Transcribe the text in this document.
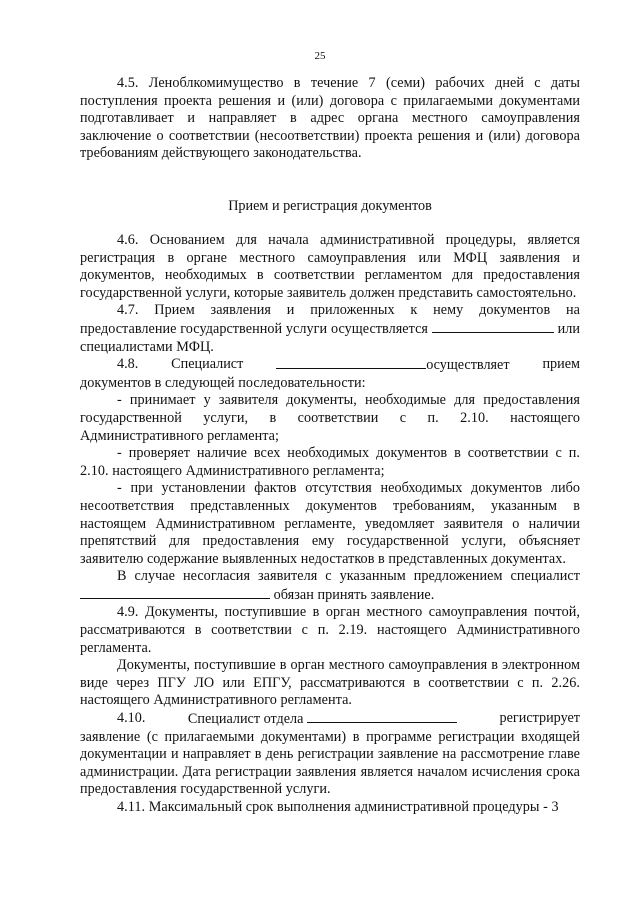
25

4.5. Леноблкомимущество в течение 7 (семи) рабочих дней с даты поступления проекта решения и (или) договора с прилагаемыми документами подготавливает и направляет в адрес органа местного самоуправления заключение о соответствии (несоответствии) проекта решения и (или) договора требованиям действующего законодательства.

Прием и регистрация документов

4.6. Основанием для начала административной процедуры, является регистрация в органе местного самоуправления или МФЦ заявления и документов, необходимых в соответствии регламентом для предоставления государственной услуги, которые заявитель должен представить самостоятельно.

4.7. Прием заявления и приложенных к нему документов на предоставление государственной услуги осуществляется	или специалистами МФЦ.

4.8. Специалист	осуществляет прием

документов в следующей последовательности:

- принимает у заявителя документы, необходимые для предоставления государственной услуги, в соответствии с п. 2.10. настоящего Административного регламента;

- проверяет наличие всех необходимых документов в соответствии с п. 2.10. настоящего Административного регламента;

- при установлении фактов отсутствия необходимых документов либо несоответствия представленных документов требованиям, указанным в настоящем Административном регламенте, уведомляет заявителя о наличии препятствий для предоставления ему государственной услуги, объясняет заявителю содержание выявленных недостатков в представленных документах.

В случае несогласия заявителя с указанным предложением специалист  обязан принять заявление.

4.9. Документы, поступившие в орган местного самоуправления почтой, рассматриваются в соответствии с п. 2.19. настоящего Административного регламента.

Документы, поступившие в орган местного самоуправления в электронном виде через ПГУ ЛО или ЕПГУ, рассматриваются в соответствии с п. 2.26. настоящего Административного регламента.

4.10.	Специалист отдела	регистрирует

заявление (с прилагаемыми документами) в программе регистрации входящей документации и направляет в день регистрации заявление на рассмотрение главе администрации. Дата регистрации заявления является началом исчисления срока предоставления государственной услуги.

4.11. Максимальный срок выполнения административной процедуры - 3
